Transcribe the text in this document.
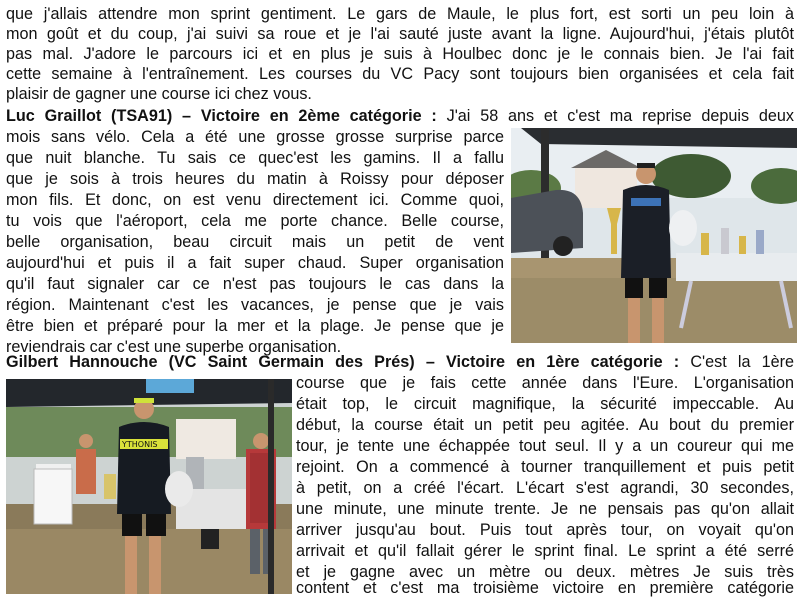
que j'allais attendre mon sprint gentiment. Le gars de Maule, le plus fort, est sorti un peu loin à

mon goût et du coup, j'ai suivi sa roue et je l'ai sauté juste avant la ligne. Aujourd'hui, j'étais plutôt

pas mal. J'adore le parcours ici et en plus je suis à Houlbec donc je le connais bien. Je l'ai fait

cette semaine à l'entraînement. Les courses du VC Pacy sont toujours bien organisées et cela fait

plaisir de gagner une course ici chez vous.

Luc Graillot (TSA91) – Victoire en 2ème catégorie : J'ai 58 ans et c'est ma reprise depuis deux

mois sans vélo. Cela a été une grosse grosse surprise parce

que nuit blanche. Tu sais ce quec'est les gamins. Il a fallu

que je sois à trois heures du matin à Roissy pour déposer

mon fils. Et donc, on est venu directement ici. Comme quoi,

tu vois que l'aéroport, cela me porte chance. Belle course,

belle organisation, beau circuit mais un petit de vent

aujourd'hui et puis il a fait super chaud. Super organisation

qu'il faut signaler car ce n'est pas toujours le cas dans la

région. Maintenant c'est les vacances, je pense que je vais

être bien et préparé pour la mer et la plage. Je pense que je

reviendrais car c'est une superbe organisation.

Gilbert Hannouche (VC Saint Germain des Prés) – Victoire en 1ère catégorie : C'est la 1ère

course que je fais cette année dans l'Eure. L'organisation

était top, le circuit magnifique, la sécurité impeccable. Au

début, la course était un petit peu agitée. Au bout du premier

tour, je tente une échappée tout seul. Il y a un coureur qui me

rejoint. On a commencé à tourner tranquillement et puis petit

à petit, on a créé l'écart. L'écart s'est agrandi, 30 secondes,

une minute, une minute trente. Je ne pensais pas qu'on allait

arriver jusqu'au bout. Puis tout après tour, on voyait qu'on

arrivait et qu'il fallait gérer le sprint final. Le sprint a été serré

et je gagne avec un mètre ou deux. mètres Je suis très

content et c'est ma troisième victoire en première catégorie

YTHONIS
